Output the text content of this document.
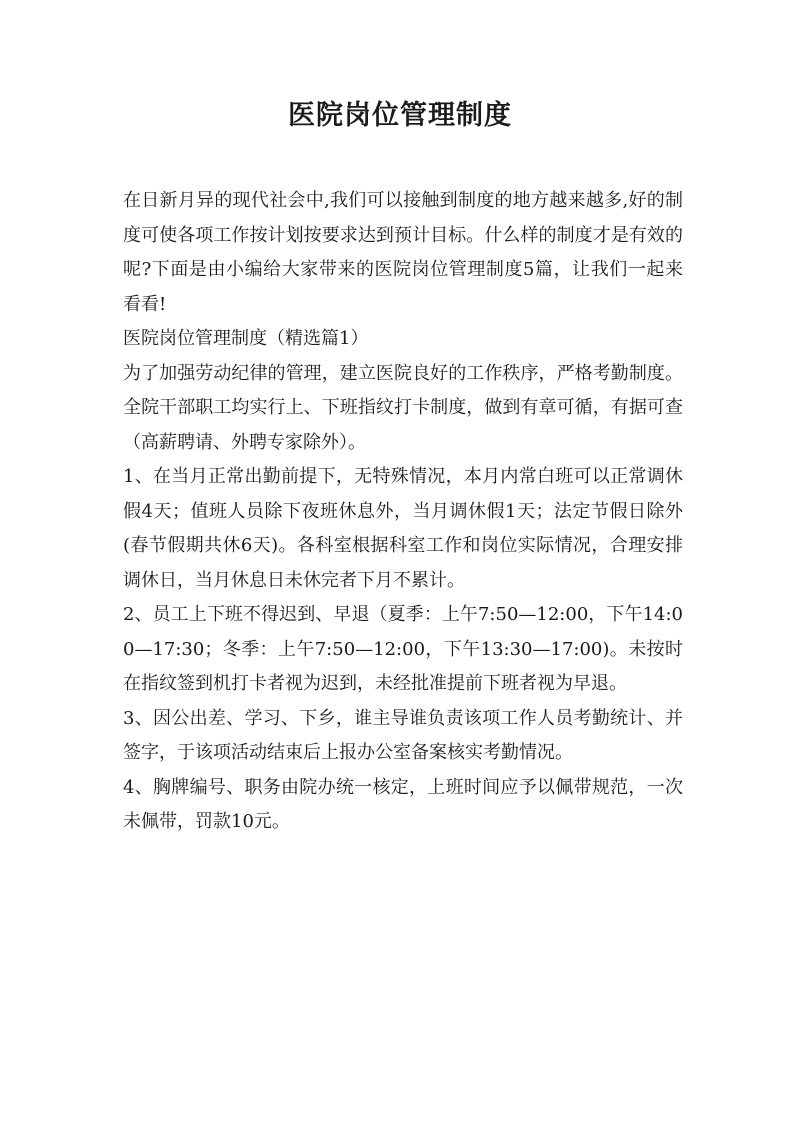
医院岗位管理制度

在日新月异的现代社会中,我们可以接触到制度的地方越来越多,好的制度可使各项工作按计划按要求达到预计目标。什么样的制度才是有效的呢?下面是由小编给大家带来的医院岗位管理制度5篇，让我们一起来看看!

医院岗位管理制度（精选篇1）

为了加强劳动纪律的管理，建立医院良好的工作秩序，严格考勤制度。全院干部职工均实行上、下班指纹打卡制度，做到有章可循，有据可查（高薪聘请、外聘专家除外）。

1、在当月正常出勤前提下，无特殊情况，本月内常白班可以正常调休假4天；值班人员除下夜班休息外，当月调休假1天；法定节假日除外(春节假期共休6天)。各科室根据科室工作和岗位实际情况，合理安排调休日，当月休息日未休完者下月不累计。

2、员工上下班不得迟到、早退（夏季：上午7:50—12:00，下午14:00—17:30；冬季：上午7:50—12:00，下午13:30—17:00)。未按时在指纹签到机打卡者视为迟到，未经批准提前下班者视为早退。

3、因公出差、学习、下乡，谁主导谁负责该项工作人员考勤统计、并签字，于该项活动结束后上报办公室备案核实考勤情况。

4、胸牌编号、职务由院办统一核定，上班时间应予以佩带规范，一次未佩带，罚款10元。
